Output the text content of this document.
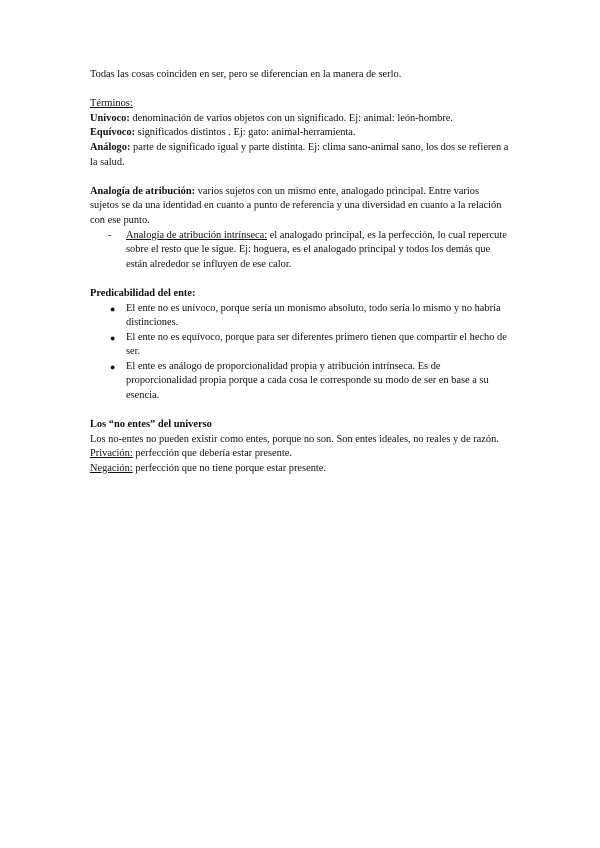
Todas las cosas coinciden en ser, pero se diferencian en la manera de serlo.

Términos:

Unívoco: denominación de varios objetos con un significado. Ej: animal: león-hombre.

Equívoco: significados distintos . Ej: gato: animal-herramienta.

Análogo: parte de significado igual y parte distinta. Ej: clima sano-animal sano, los dos se refieren a la salud.

Analogía de atribución: varios sujetos con un mismo ente, analogado principal. Entre varios sujetos se da una identidad en cuanto a punto de referencia y una diversidad en cuanto a la relación con ese punto.

- Analogía de atribución intrínseca: el analogado principal, es la perfección, lo cual repercute sobre el resto que le sigue. Ej: hoguera, es el analogado principal y todos los demás que están alrededor se influyen de ese calor.

Predicabilidad del ente:

● El ente no es unívoco, porque sería un monismo absoluto, todo sería lo mismo y no habría distinciones.
● El ente no es equívoco, porque para ser diferentes primero tienen que compartir el hecho de ser.
● El ente es análogo de proporcionalidad propia y atribución intrínseca. Es de proporcionalidad propia porque a cada cosa le corresponde su modo de ser en base a su esencia.

Los “no entes” del universo

Los no-entes no pueden existir como entes, porque no son. Son entes ideales, no reales y de razón.

Privación: perfección que debería estar presente.

Negación: perfección que no tiene porque estar presente.
